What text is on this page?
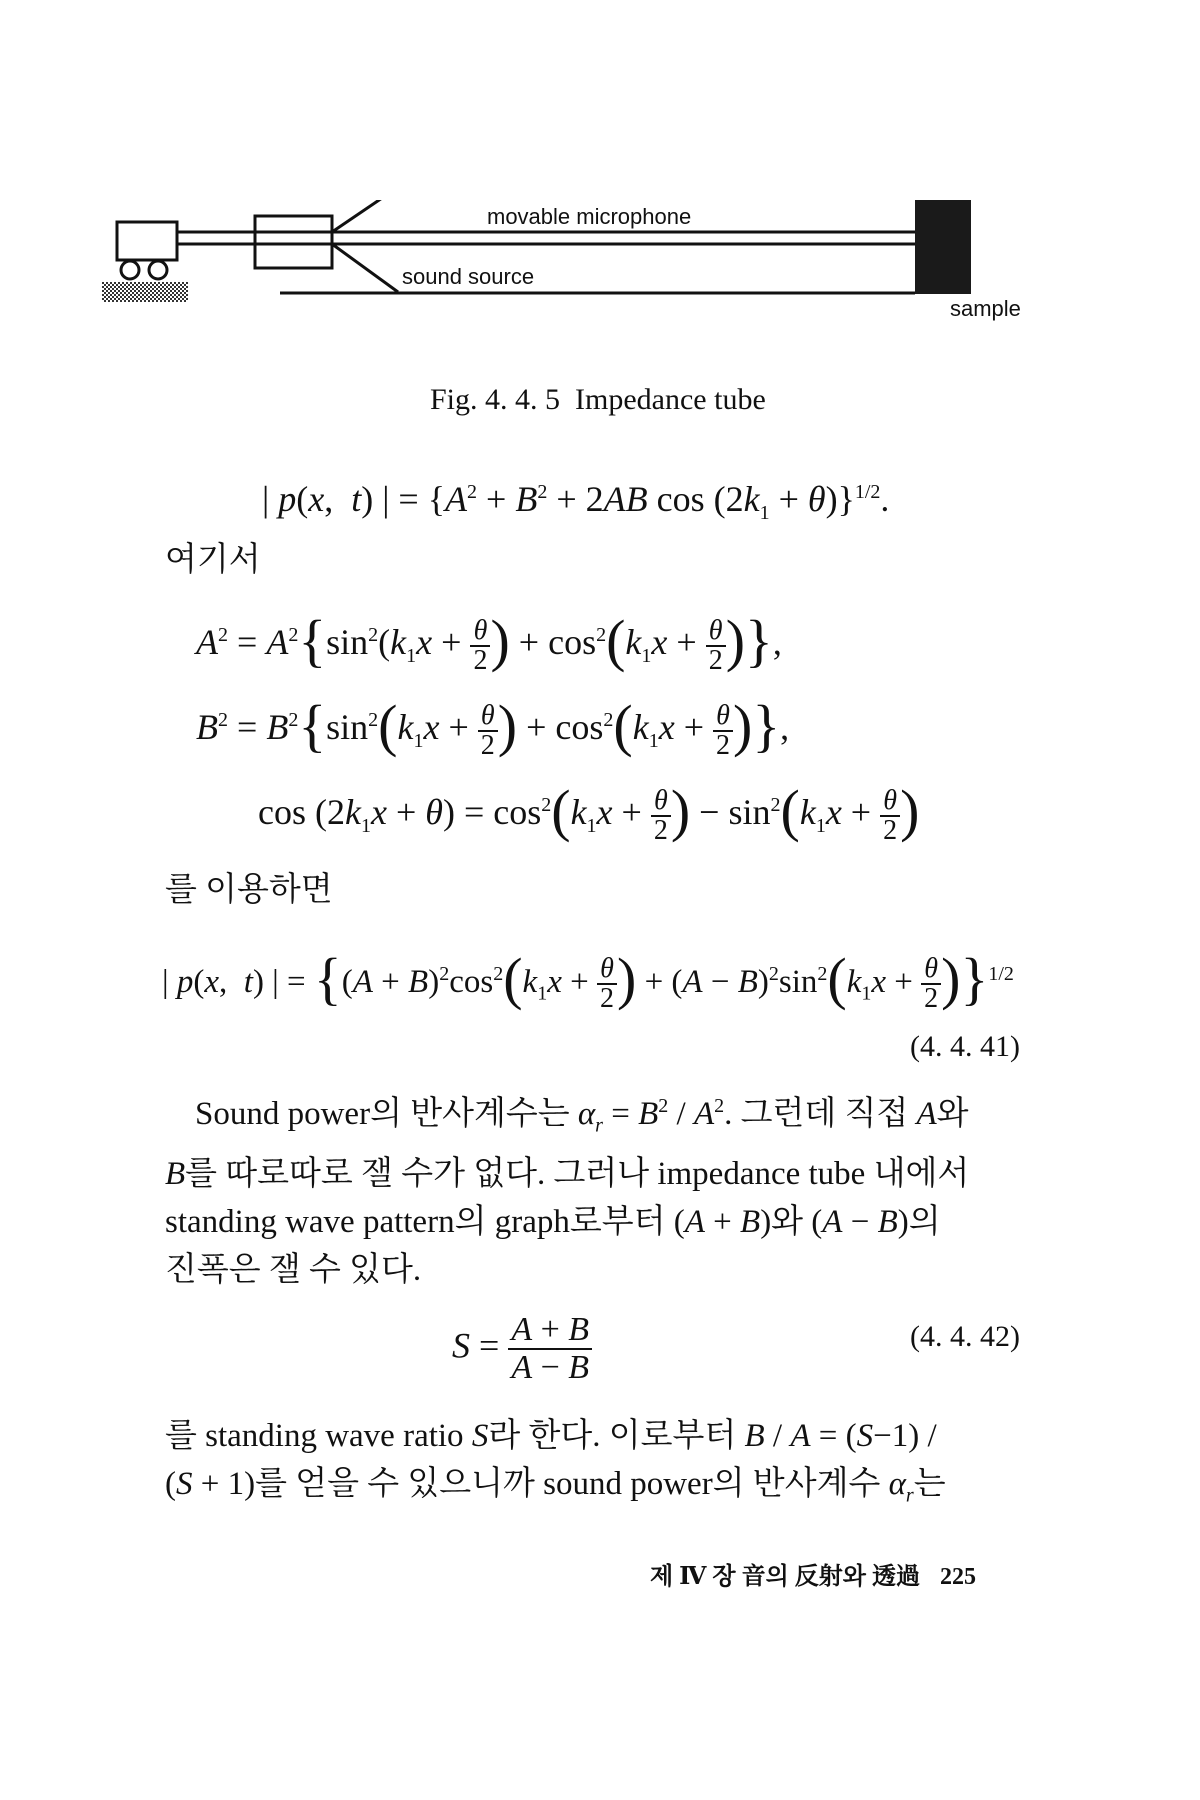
movable microphone
sound source
sample
Fig. 4. 4. 5  Impedance tube
| p(x,  t) | = {$A^2 + B^2 + 2AB$ $\cos (2k_1 + \theta)\}^{1/2}$.
여기서
$A^2 = A^2\{\sin^2(k_1x + \frac{\theta}{2}$ ) + $\cos^2(k_1x + \frac{\theta}{2}$ )},
$B^2 = B^2\{\sin^2(k_1x + \frac{\theta}{2}$ ) + $\cos^2(k_1x + \frac{\theta}{2}$ )},
$\cos (2k_1x + \theta) = \cos^2(k_1x + \frac{\theta}{2}$ ) − $\sin^2(k_1x + \frac{\theta}{2}$ )
를 이용하면
| p(x,  t) | = {$(A + B)^2\cos^2(k_1x + \frac{\theta}{2}$ ) + $(A - B)^2\sin^2(k_1x + \frac{\theta}{2} )\}^{1/2}$
(4. 4. 41)
Sound power의 반사계수는 $\alpha_r = B^2 / A^2$. 그런데 직접 A와
B를 따로따로 잴 수가 없다. 그러나 impedance tube 내에서
standing wave pattern의 graph로부터 (A + B)와 (A − B)의
진폭은 잴 수 있다.
$S = \frac{A + B}{A - B}$	(4. 4. 42)
를 standing wave ratio S라 한다. 이로부터 B / A = (S−1) /
(S + 1)를 얻을 수 있으니까 sound power의 반사계수 $\alpha_r$는
제 Ⅳ 장 音의 反射와 透過 225
